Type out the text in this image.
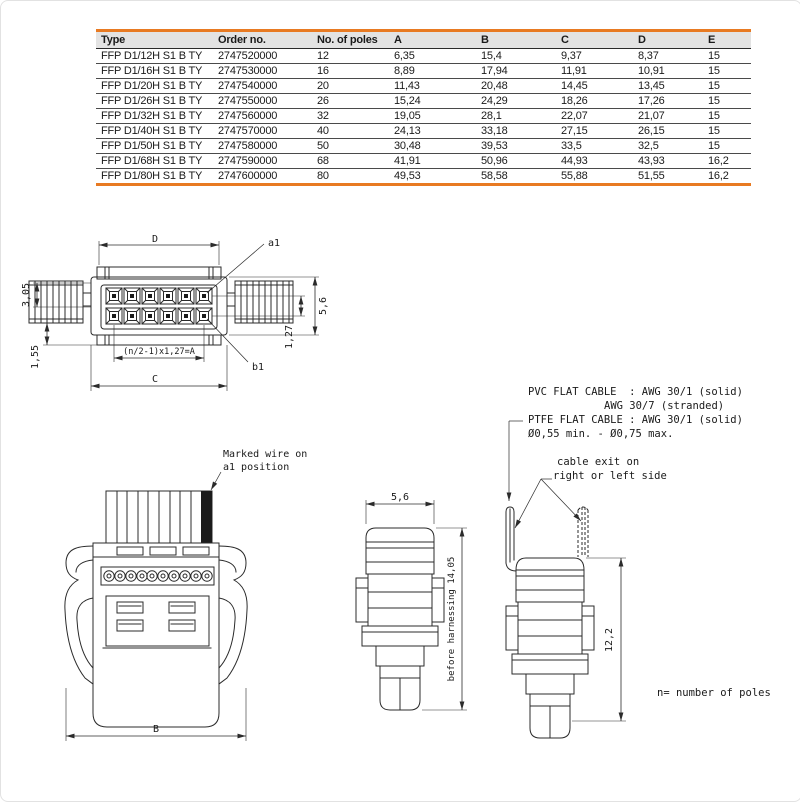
Type	Order no.	No. of poles	A	B	C	D	E
FFP D1/12H S1 B TY	2747520000	12	6,35	15,4	9,37	8,37	15
FFP D1/16H S1 B TY	2747530000	16	8,89	17,94	11,91	10,91	15
FFP D1/20H S1 B TY	2747540000	20	11,43	20,48	14,45	13,45	15
FFP D1/26H S1 B TY	2747550000	26	15,24	24,29	18,26	17,26	15
FFP D1/32H S1 B TY	2747560000	32	19,05	28,1	22,07	21,07	15
FFP D1/40H S1 B TY	2747570000	40	24,13	33,18	27,15	26,15	15
FFP D1/50H S1 B TY	2747580000	50	30,48	39,53	33,5	32,5	15
FFP D1/68H S1 B TY	2747590000	68	41,91	50,96	44,93	43,93	16,2
FFP D1/80H S1 B TY	2747600000	80	49,53	58,58	55,88	51,55	16,2
D
C
(n/2-1)x1,27=A
3,05
1,55
5,6
1,27
a1
b1
Marked wire on
a1 position
B
5,6
before harnessing 14,05	12,2
PVC FLAT CABLE  : AWG 30/1 (solid)
AWG 30/7 (stranded)
PTFE FLAT CABLE : AWG 30/1 (solid)
Ø0,55 min. - Ø0,75 max.
cable exit on
right or left side
n= number of poles
